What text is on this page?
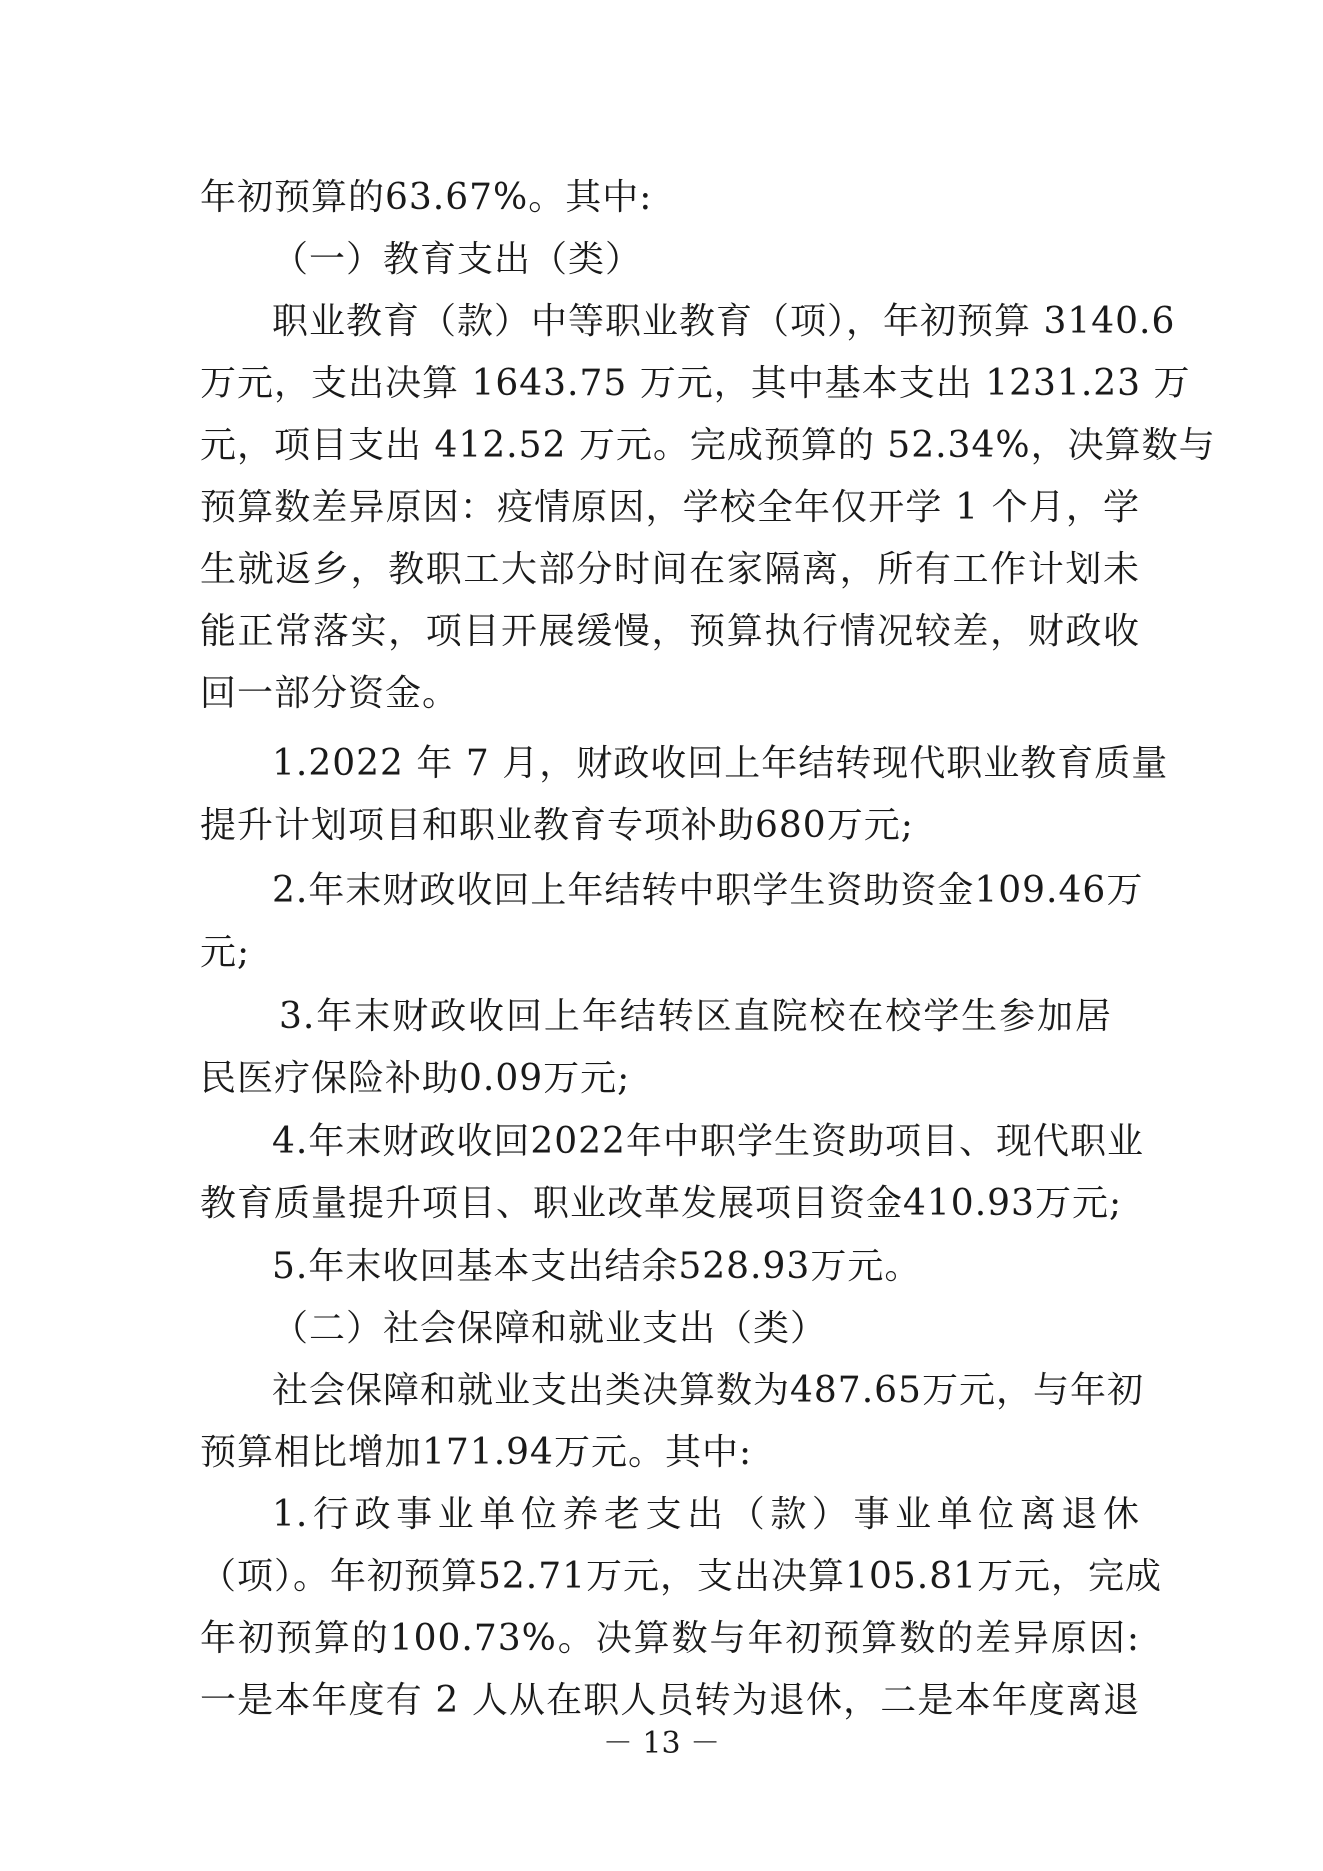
年初预算的63.67%。其中:
（一）教育支出（类）
职业教育（款）中等职业教育（项），年初预算 3140.6
万元，支出决算 1643.75 万元，其中基本支出 1231.23 万
元，项目支出 412.52 万元。完成预算的 52.34%，决算数与
预算数差异原因：疫情原因，学校全年仅开学 1 个月，学
生就返乡，教职工大部分时间在家隔离，所有工作计划未
能正常落实，项目开展缓慢，预算执行情况较差，财政收
回一部分资金。
1.2022 年 7 月，财政收回上年结转现代职业教育质量
提升计划项目和职业教育专项补助680万元;
2.年末财政收回上年结转中职学生资助资金109.46万
元;
3.年末财政收回上年结转区直院校在校学生参加居
民医疗保险补助0.09万元;
4.年末财政收回2022年中职学生资助项目、现代职业
教育质量提升项目、职业改革发展项目资金410.93万元;
5.年末收回基本支出结余528.93万元。
（二）社会保障和就业支出（类）
社会保障和就业支出类决算数为487.65万元，与年初
预算相比增加171.94万元。其中:
1.行政事业单位养老支出（款）事业单位离退休
（项）。年初预算52.71万元，支出决算105.81万元，完成
年初预算的100.73%。决算数与年初预算数的差异原因:
一是本年度有 2 人从在职人员转为退休，二是本年度离退
－ 13 －
